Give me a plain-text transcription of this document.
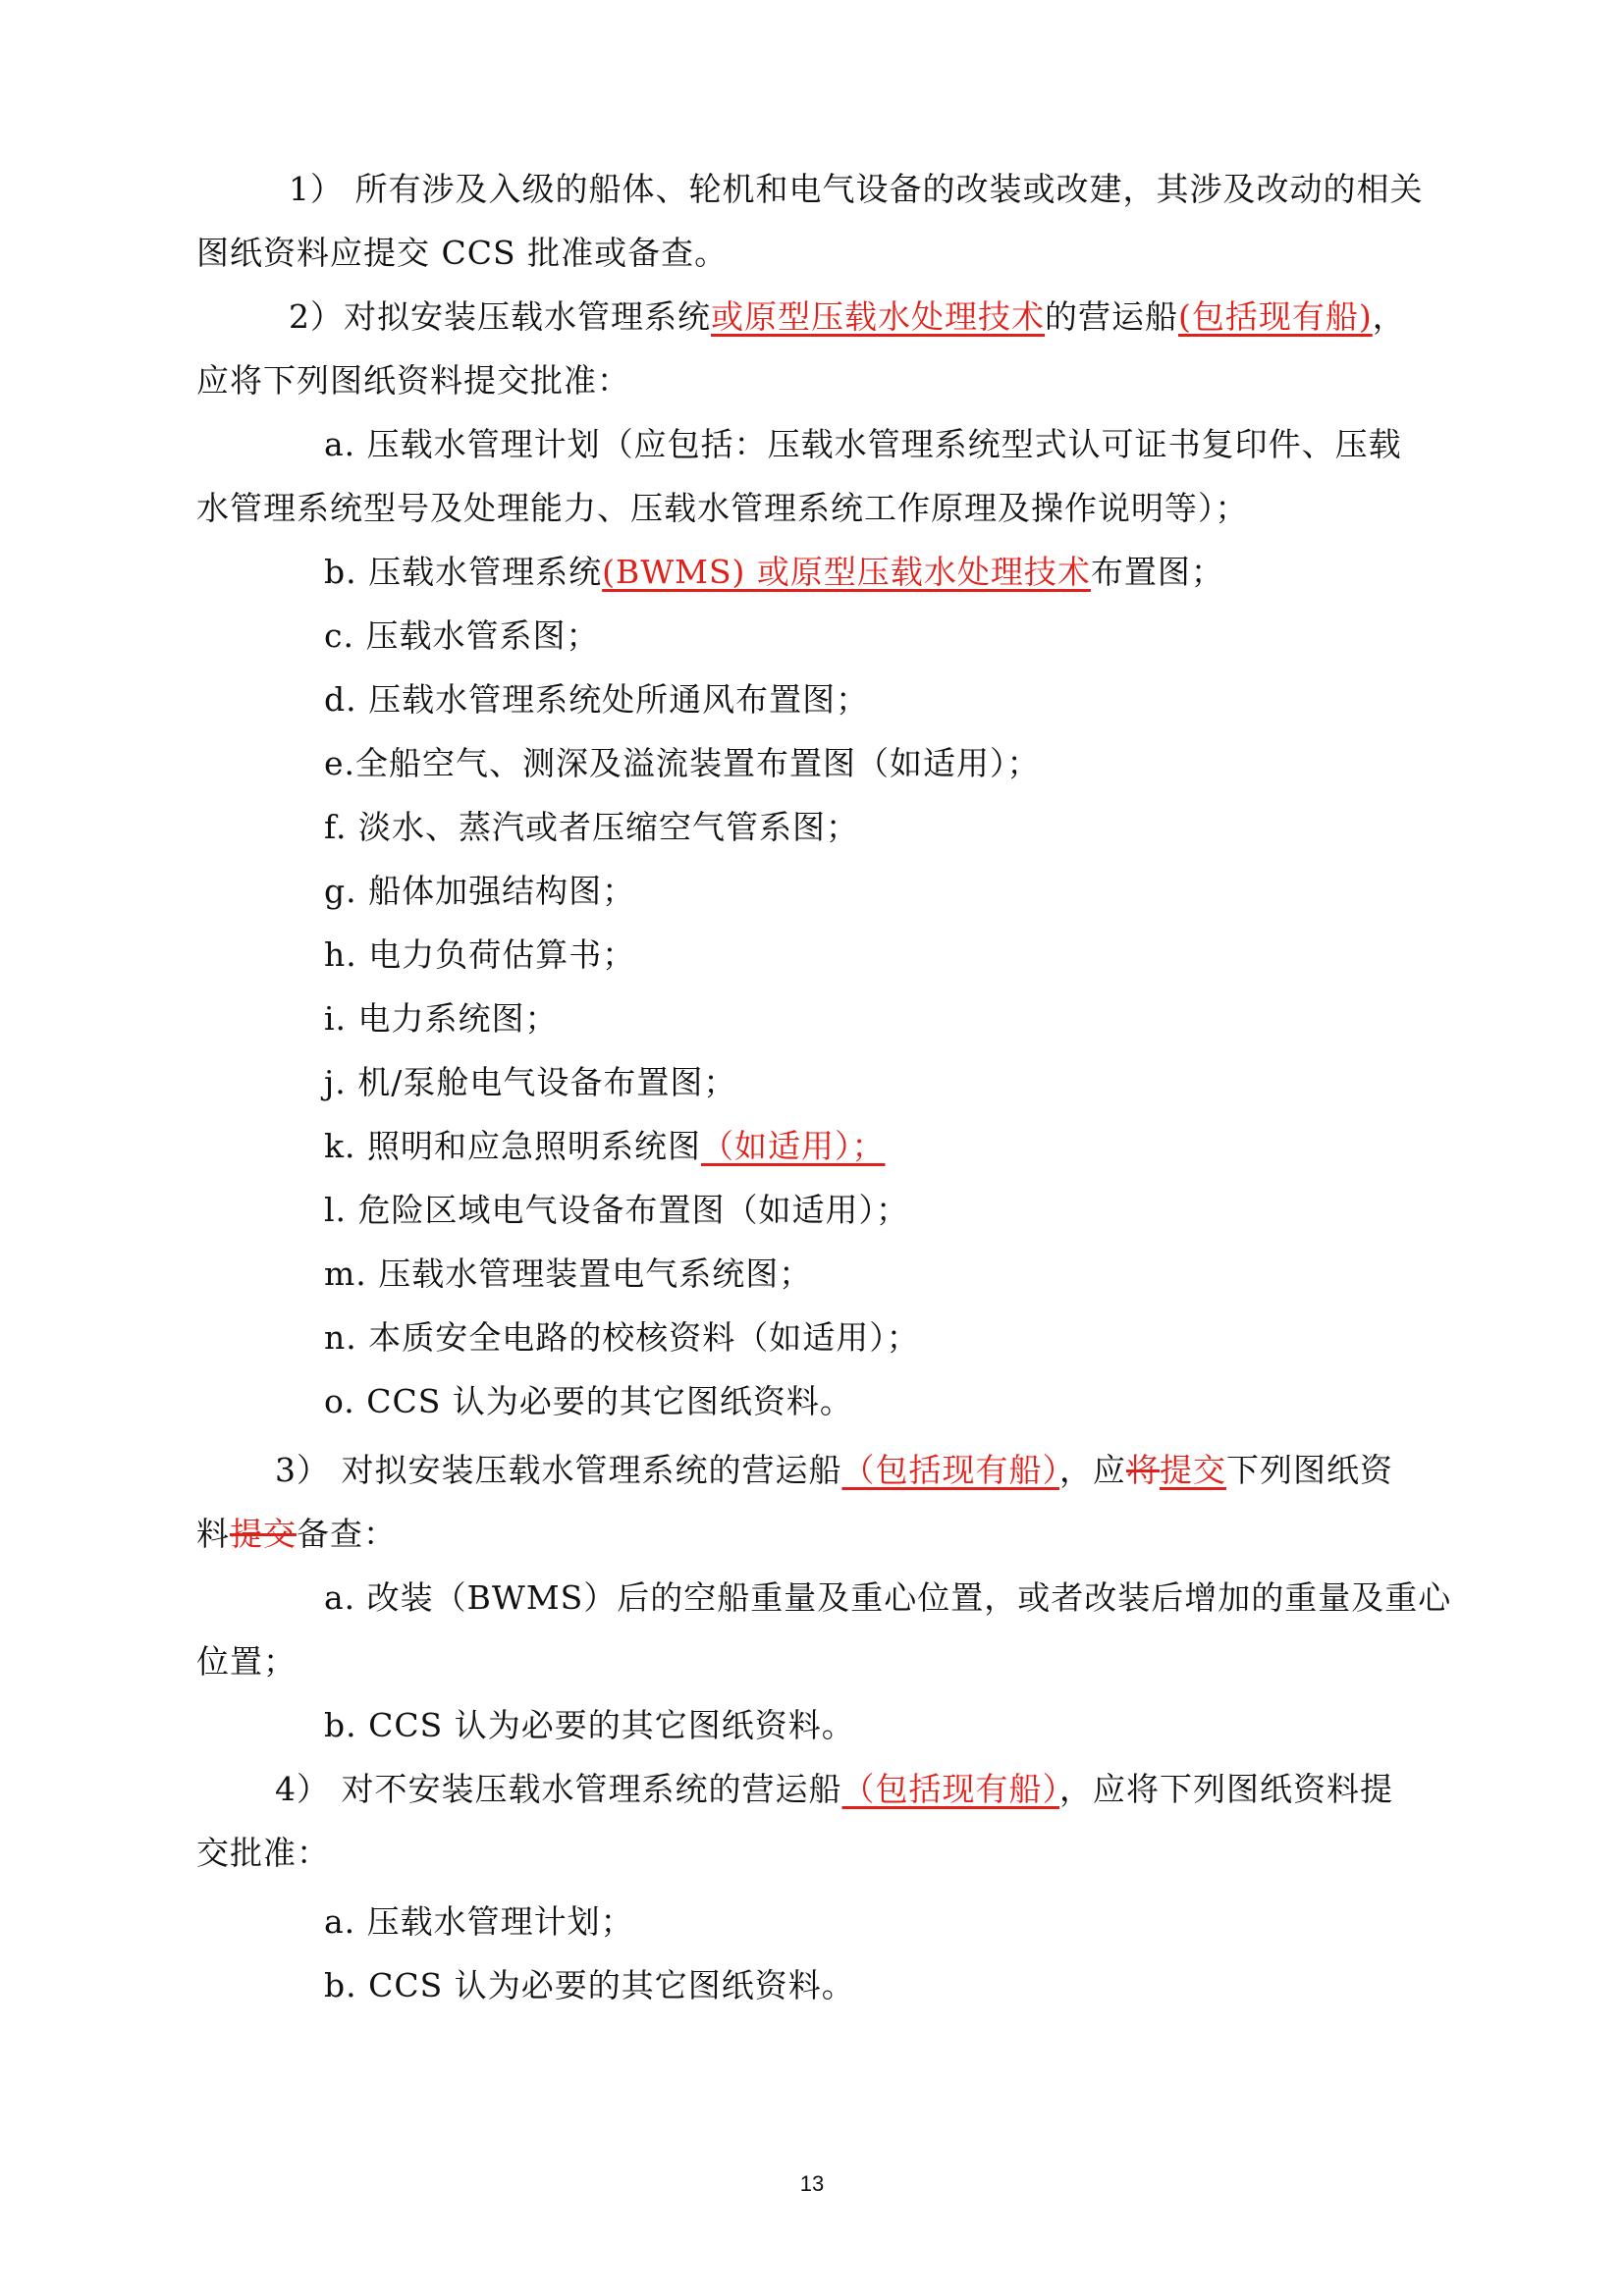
1） 所有涉及入级的船体、轮机和电气设备的改装或改建，其涉及改动的相关

图纸资料应提交 CCS 批准或备查。

2）对拟安装压载水管理系统或原型压载水处理技术的营运船(包括现有船)，

应将下列图纸资料提交批准：

a. 压载水管理计划（应包括：压载水管理系统型式认可证书复印件、压载

水管理系统型号及处理能力、压载水管理系统工作原理及操作说明等）；

b. 压载水管理系统(BWMS) 或原型压载水处理技术布置图；

c. 压载水管系图；

d. 压载水管理系统处所通风布置图；

e.全船空气、测深及溢流装置布置图（如适用）；

f. 淡水、蒸汽或者压缩空气管系图；

g. 船体加强结构图；

h. 电力负荷估算书；

i. 电力系统图；

j. 机/泵舱电气设备布置图；

k. 照明和应急照明系统图（如适用）；

l. 危险区域电气设备布置图（如适用）；

m. 压载水管理装置电气系统图；

n. 本质安全电路的校核资料（如适用）；

o. CCS 认为必要的其它图纸资料。

3） 对拟安装压载水管理系统的营运船（包括现有船），应将提交下列图纸资

料提交备查：

a. 改装（BWMS）后的空船重量及重心位置，或者改装后增加的重量及重心

位置；

b. CCS 认为必要的其它图纸资料。

4） 对不安装压载水管理系统的营运船（包括现有船），应将下列图纸资料提

交批准：

a. 压载水管理计划；

b. CCS 认为必要的其它图纸资料。

13
